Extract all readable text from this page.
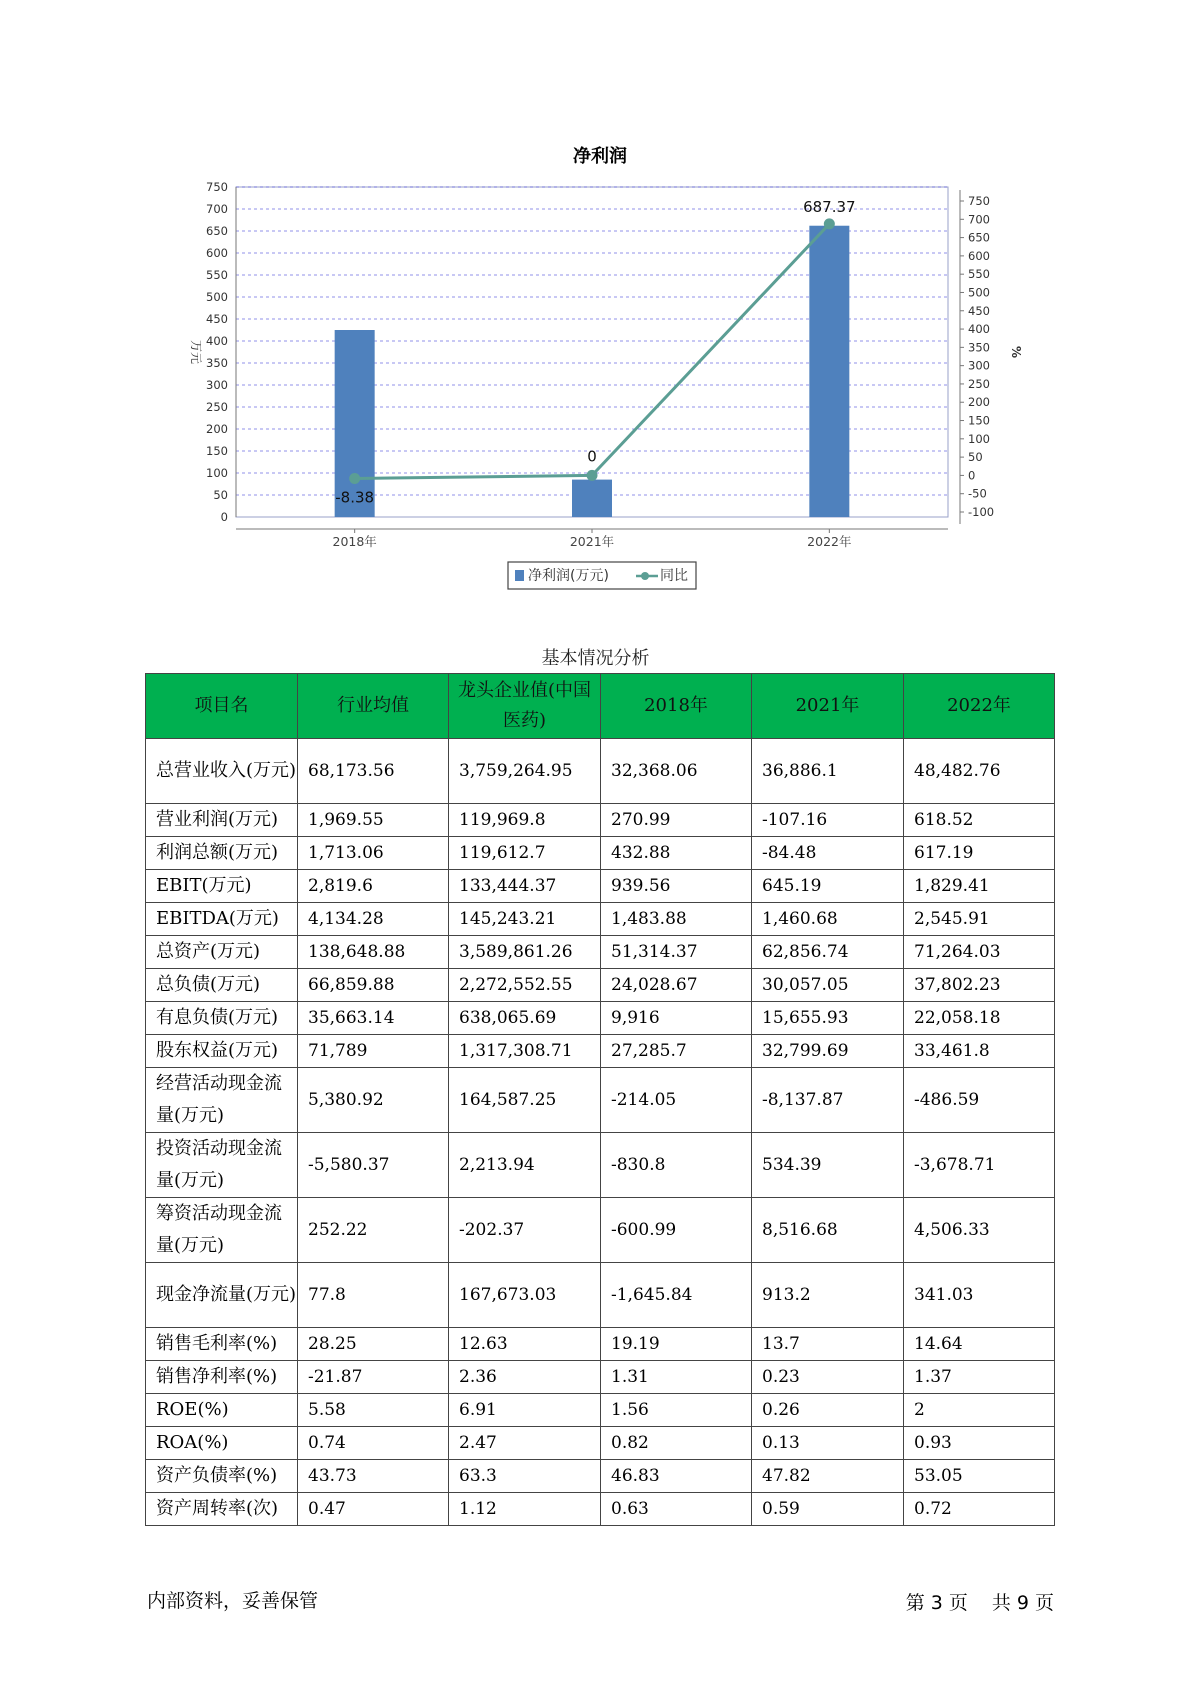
净利润
0
50
100
150
200
250
300
350
400
450
500
550
600
650
700
750
-100
-50
0
50
100
150
200
250
300
350
400
450
500
550
600
650
700
750
万元	%
2018年	2021年	2022年
-8.38
0
687.37
净利润(万元)	同比
基本情况分析
项目名	行业均值	龙头企业值(中国医药)	2018年	2021年	2022年
总营业收入(万元)	68,173.56	3,759,264.95	32,368.06	36,886.1	48,482.76
营业利润(万元)	1,969.55	119,969.8	270.99	-107.16	618.52
利润总额(万元)	1,713.06	119,612.7	432.88	-84.48	617.19
EBIT(万元)	2,819.6	133,444.37	939.56	645.19	1,829.41
EBITDA(万元)	4,134.28	145,243.21	1,483.88	1,460.68	2,545.91
总资产(万元)	138,648.88	3,589,861.26	51,314.37	62,856.74	71,264.03
总负债(万元)	66,859.88	2,272,552.55	24,028.67	30,057.05	37,802.23
有息负债(万元)	35,663.14	638,065.69	9,916	15,655.93	22,058.18
股东权益(万元)	71,789	1,317,308.71	27,285.7	32,799.69	33,461.8
经营活动现金流量(万元)	5,380.92	164,587.25	-214.05	-8,137.87	-486.59
投资活动现金流量(万元)	-5,580.37	2,213.94	-830.8	534.39	-3,678.71
筹资活动现金流量(万元)	252.22	-202.37	-600.99	8,516.68	4,506.33
现金净流量(万元)	77.8	167,673.03	-1,645.84	913.2	341.03
销售毛利率(%)	28.25	12.63	19.19	13.7	14.64
销售净利率(%)	-21.87	2.36	1.31	0.23	1.37
ROE(%)	5.58	6.91	1.56	0.26	2
ROA(%)	0.74	2.47	0.82	0.13	0.93
资产负债率(%)	43.73	63.3	46.83	47.82	53.05
资产周转率(次)	0.47	1.12	0.63	0.59	0.72
内部资料，妥善保管	第 3 页 共 9 页
